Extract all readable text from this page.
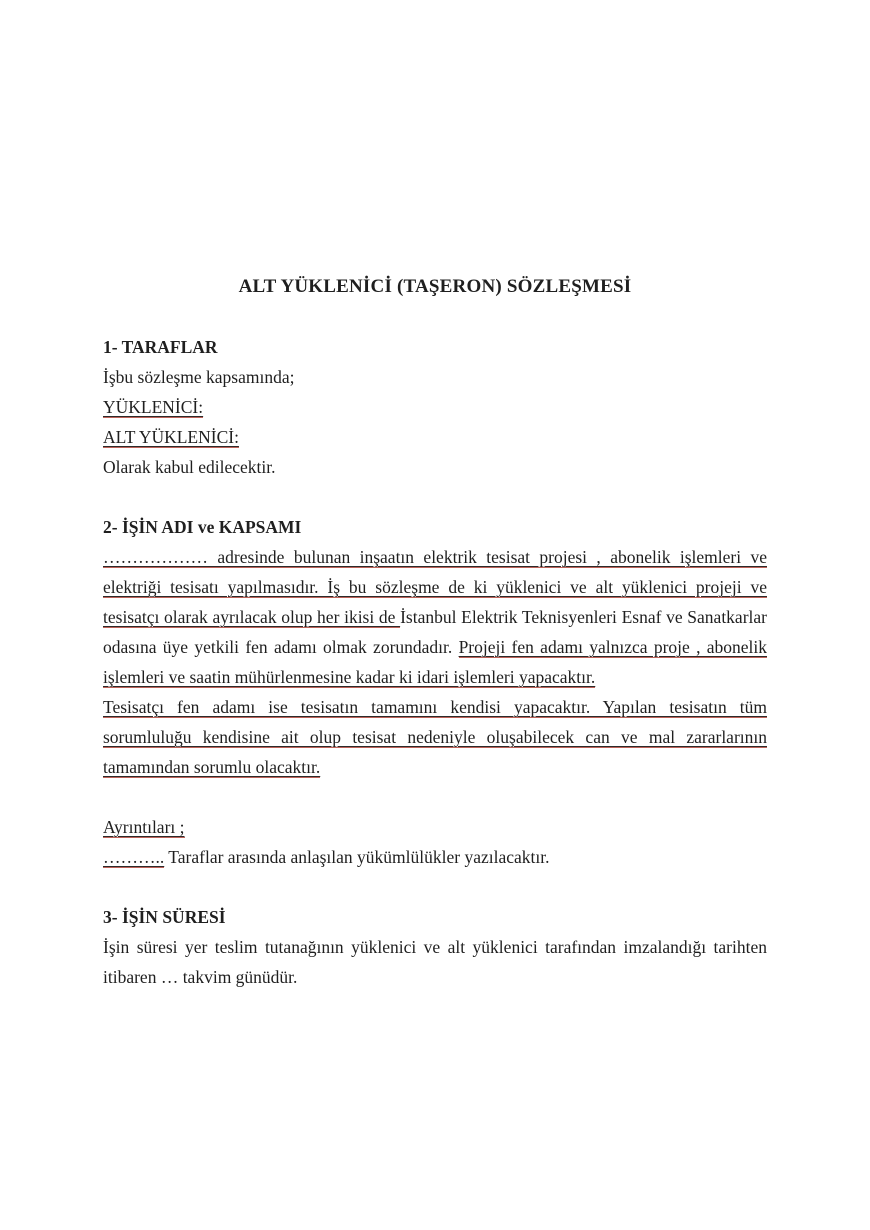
ALT YÜKLENİCİ (TAŞERON) SÖZLEŞMESİ
1- TARAFLAR
İşbu sözleşme kapsamında;
YÜKLENİCİ:
ALT YÜKLENİCİ:
Olarak kabul edilecektir.
2- İŞİN ADI ve KAPSAMI

……………… adresinde bulunan inşaatın elektrik tesisat projesi , abonelik işlemleri ve elektriği tesisatı yapılmasıdır. İş bu sözleşme de ki yüklenici ve alt yüklenici projeji ve tesisatçı olarak ayrılacak olup her ikisi de İstanbul Elektrik Teknisyenleri Esnaf ve Sanatkarlar odasına üye yetkili fen adamı olmak zorundadır. Projeji fen adamı yalnızca proje , abonelik işlemleri ve saatin mühürlenmesine kadar ki idari işlemleri yapacaktır.

Tesisatçı fen adamı ise tesisatın tamamını kendisi yapacaktır. Yapılan tesisatın tüm sorumluluğu kendisine ait olup tesisat nedeniyle oluşabilecek can ve mal zararlarının tamamından sorumlu olacaktır.

Ayrıntıları ;
……….. Taraflar arasında anlaşılan yükümlülükler yazılacaktır.
3- İŞİN SÜRESİ

İşin süresi yer teslim tutanağının yüklenici ve alt yüklenici tarafından imzalandığı tarihten itibaren … takvim günüdür.
